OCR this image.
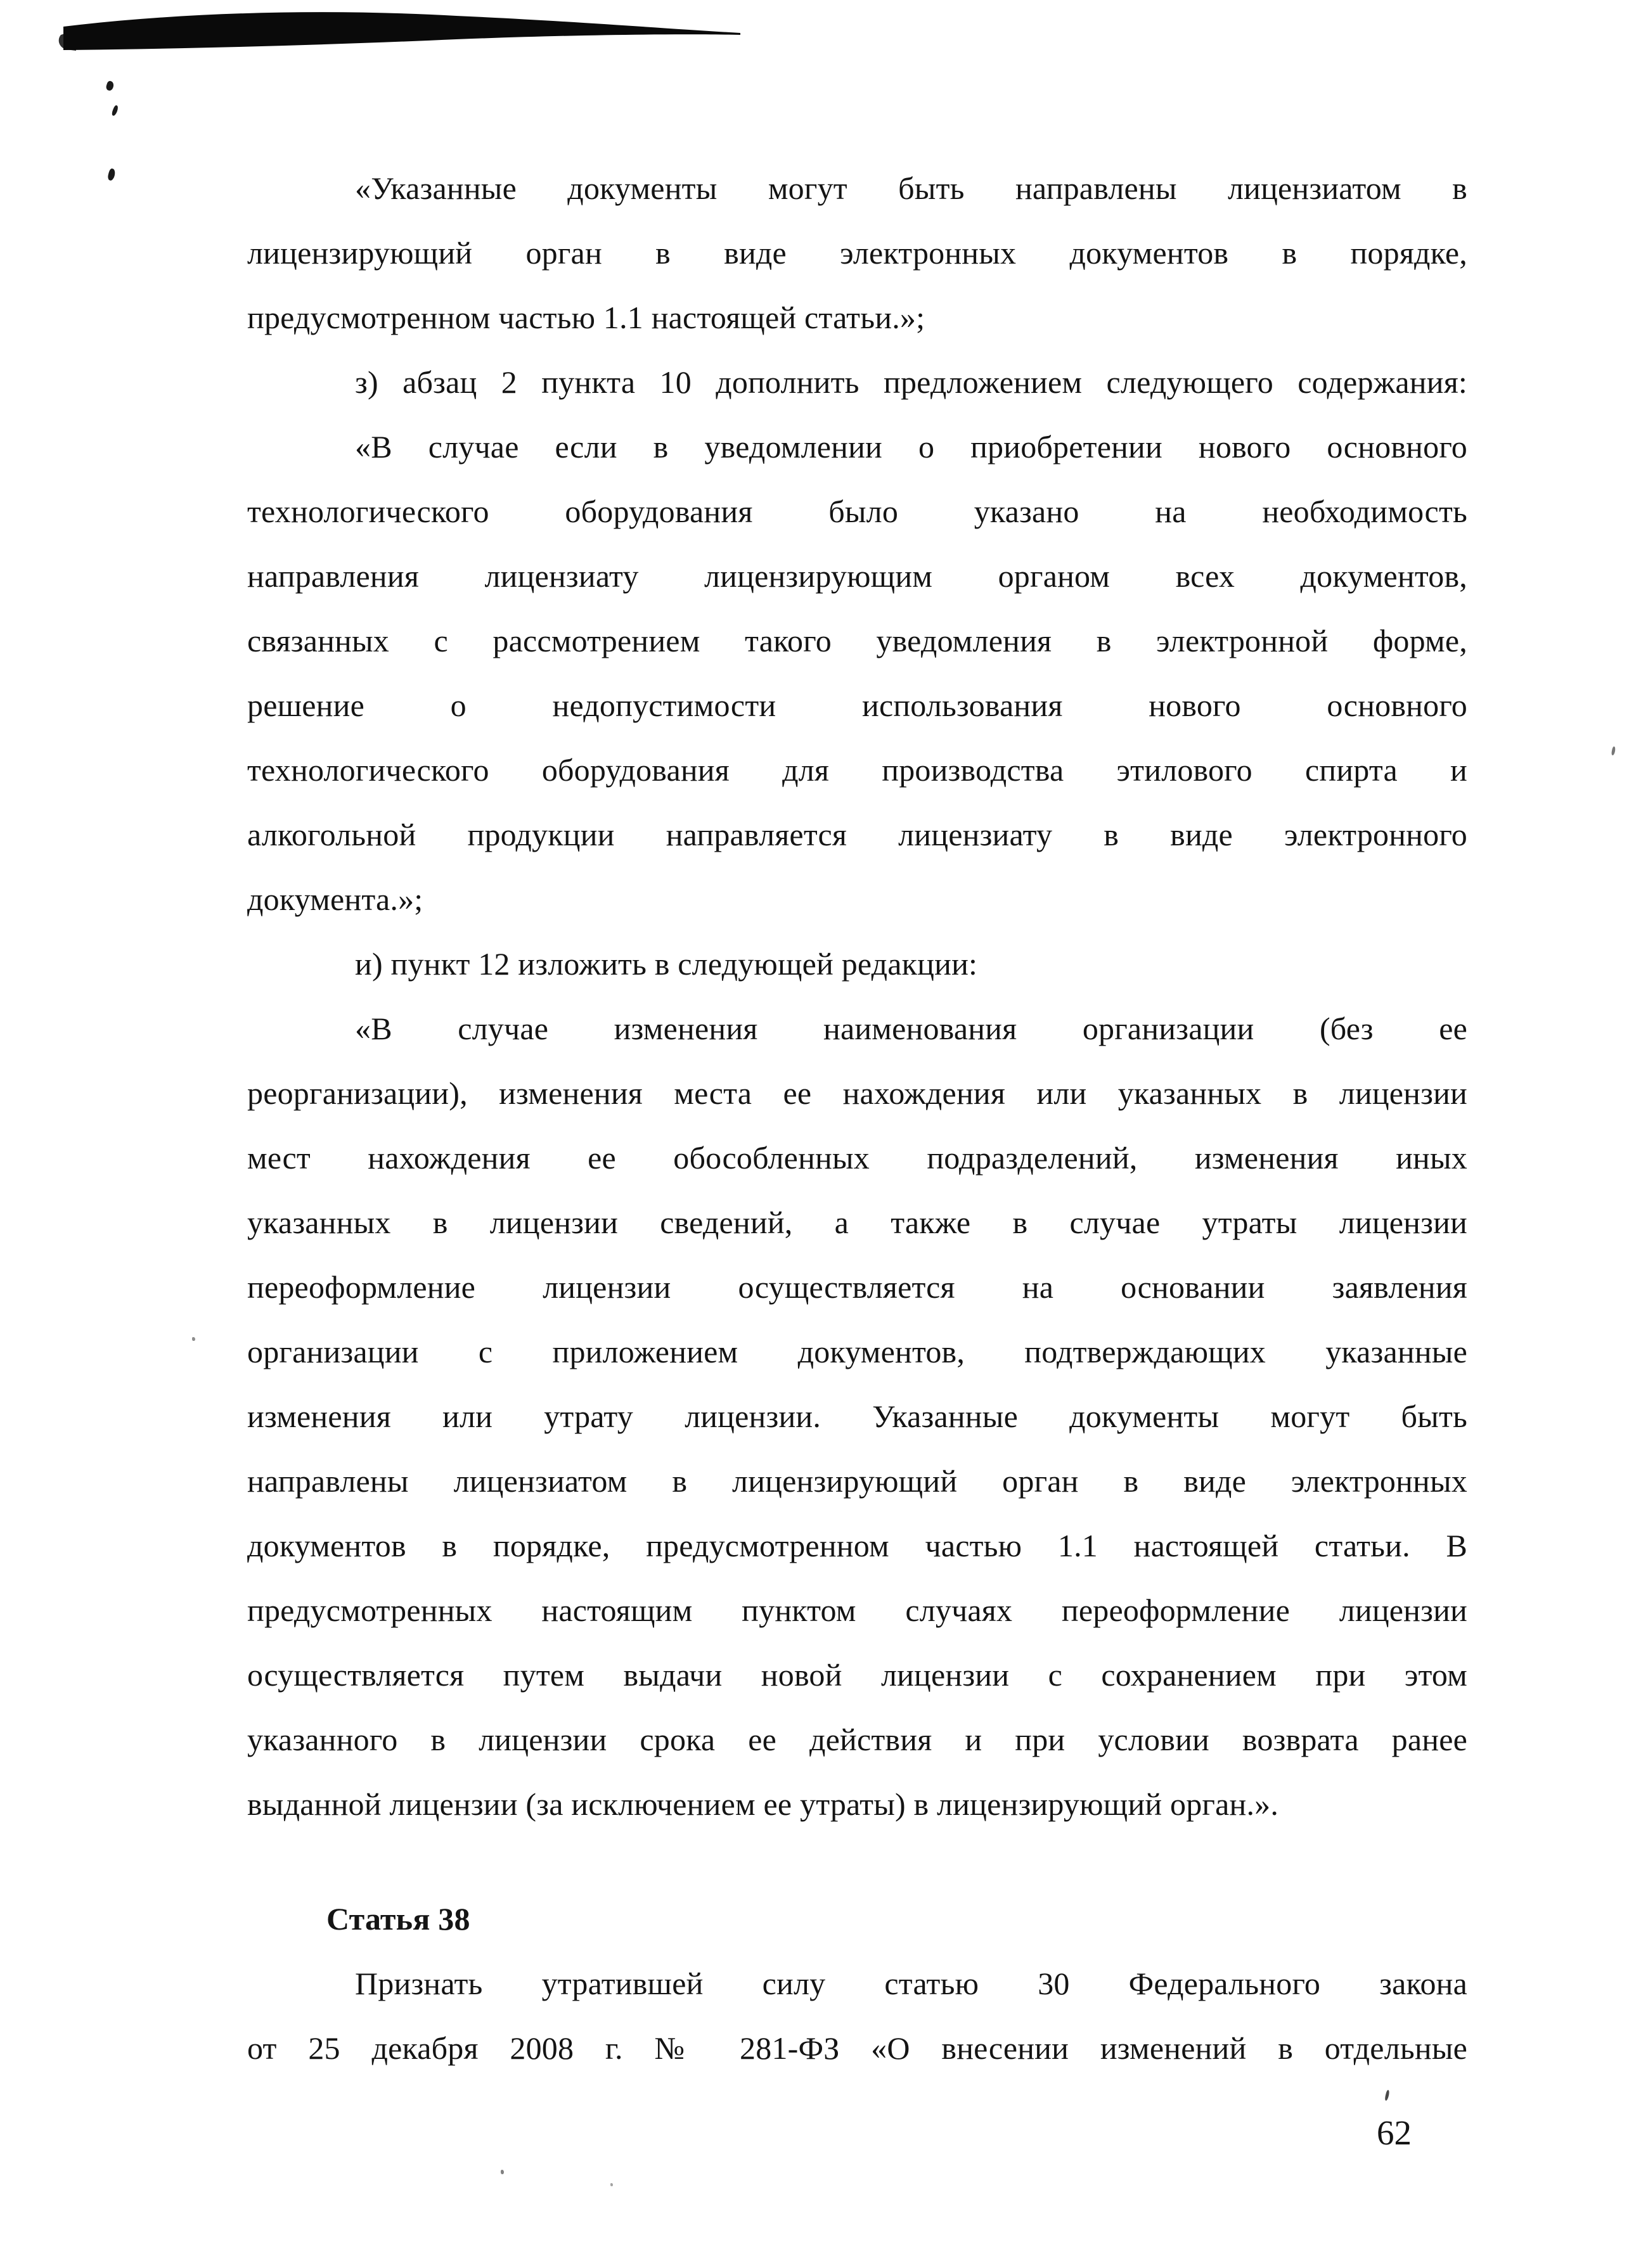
«Указанные документы могут быть направлены лицензиатом в
лицензирующий орган в виде электронных документов в порядке,
предусмотренном частью 1.1 настоящей статьи.»;
з) абзац 2 пункта 10 дополнить предложением следующего содержания:
«В случае если в уведомлении о приобретении нового основного
технологического оборудования было указано на необходимость
направления лицензиату лицензирующим органом всех документов,
связанных с рассмотрением такого уведомления в электронной форме,
решение о недопустимости использования нового основного
технологического оборудования для производства этилового спирта и
алкогольной продукции направляется лицензиату в виде электронного
документа.»;
и) пункт 12 изложить в следующей редакции:
«В случае изменения наименования организации (без ее
реорганизации), изменения места ее нахождения или указанных в лицензии
мест нахождения ее обособленных подразделений, изменения иных
указанных в лицензии сведений, а также в случае утраты лицензии
переоформление лицензии осуществляется на основании заявления
организации с приложением документов, подтверждающих указанные
изменения или утрату лицензии. Указанные документы могут быть
направлены лицензиатом в лицензирующий орган в виде электронных
документов в порядке, предусмотренном частью 1.1 настоящей статьи. В
предусмотренных настоящим пунктом случаях переоформление лицензии
осуществляется путем выдачи новой лицензии с сохранением при этом
указанного в лицензии срока ее действия и при условии возврата ранее
выданной лицензии (за исключением ее утраты) в лицензирующий орган.».
Статья 38
Признать утратившей силу статью 30 Федерального закона
от 25 декабря 2008 г. № 281-ФЗ «О внесении изменений в отдельные
62
